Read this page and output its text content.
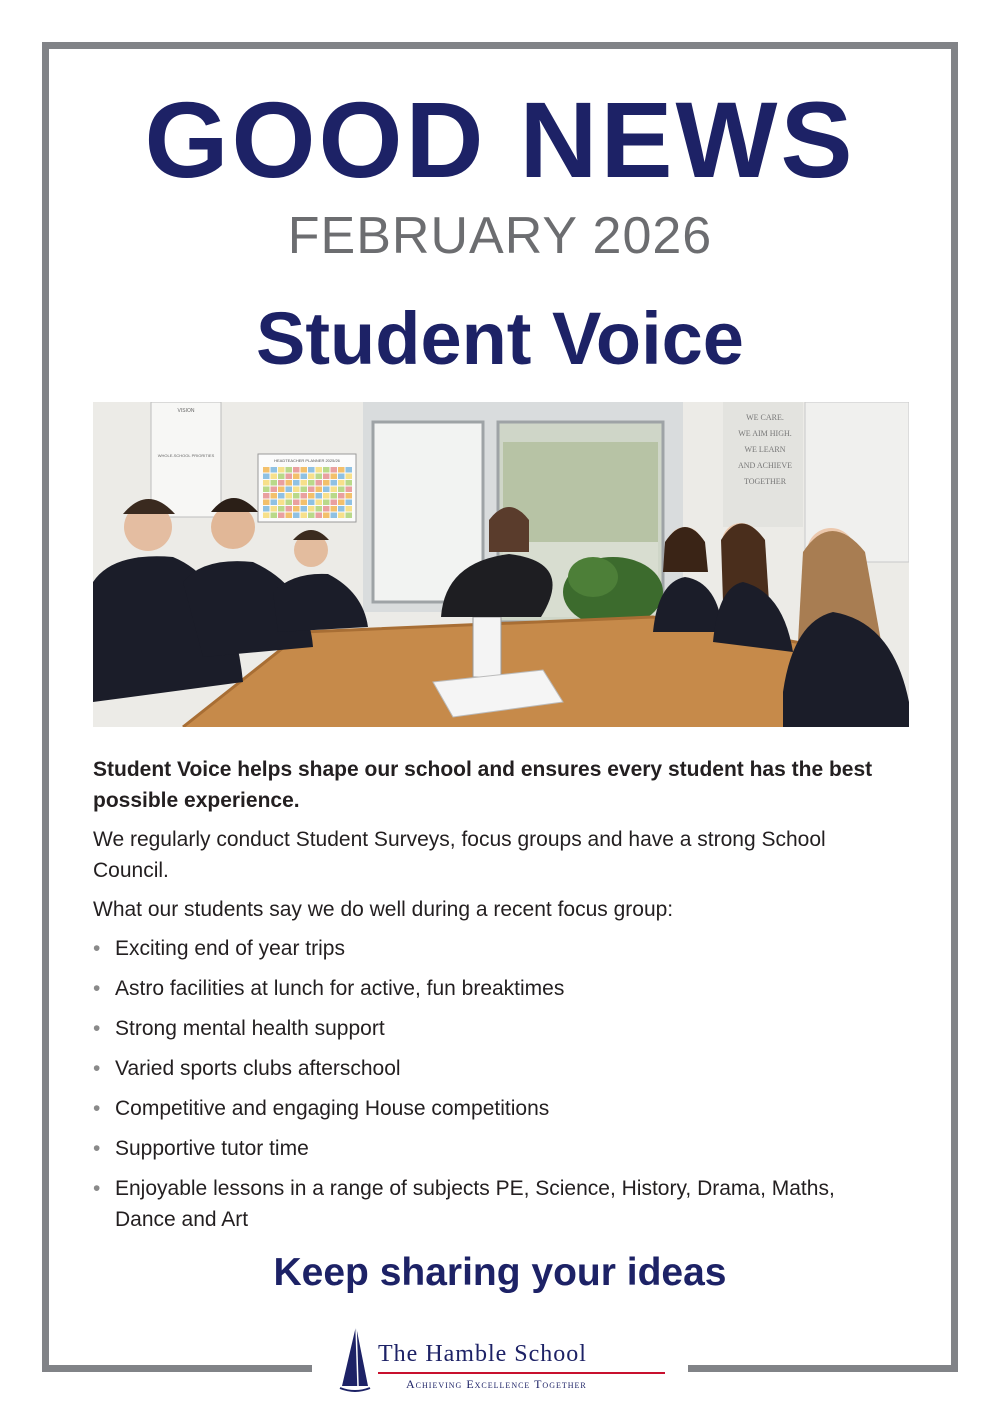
GOOD NEWS
FEBRUARY 2026
Student Voice
VISION
WHOLE-SCHOOL PRIORITIES
HEADTEACHER PLANNER 2025/26
WE CARE.
WE AIM HIGH.
WE LEARN
AND ACHIEVE
TOGETHER

Student Voice helps shape our school and ensures every student has the best possible experience.

We regularly conduct Student Surveys, focus groups and have a strong School Council.

What our students say we do well during a recent focus group:

• Exciting end of year trips
• Astro facilities at lunch for active, fun breaktimes
• Strong mental health support
• Varied sports clubs afterschool
• Competitive and engaging House competitions
• Supportive tutor time
• Enjoyable lessons in a range of subjects PE, Science, History, Drama, Maths, Dance and Art
Keep sharing your ideas
The Hamble School
Achieving Excellence Together
